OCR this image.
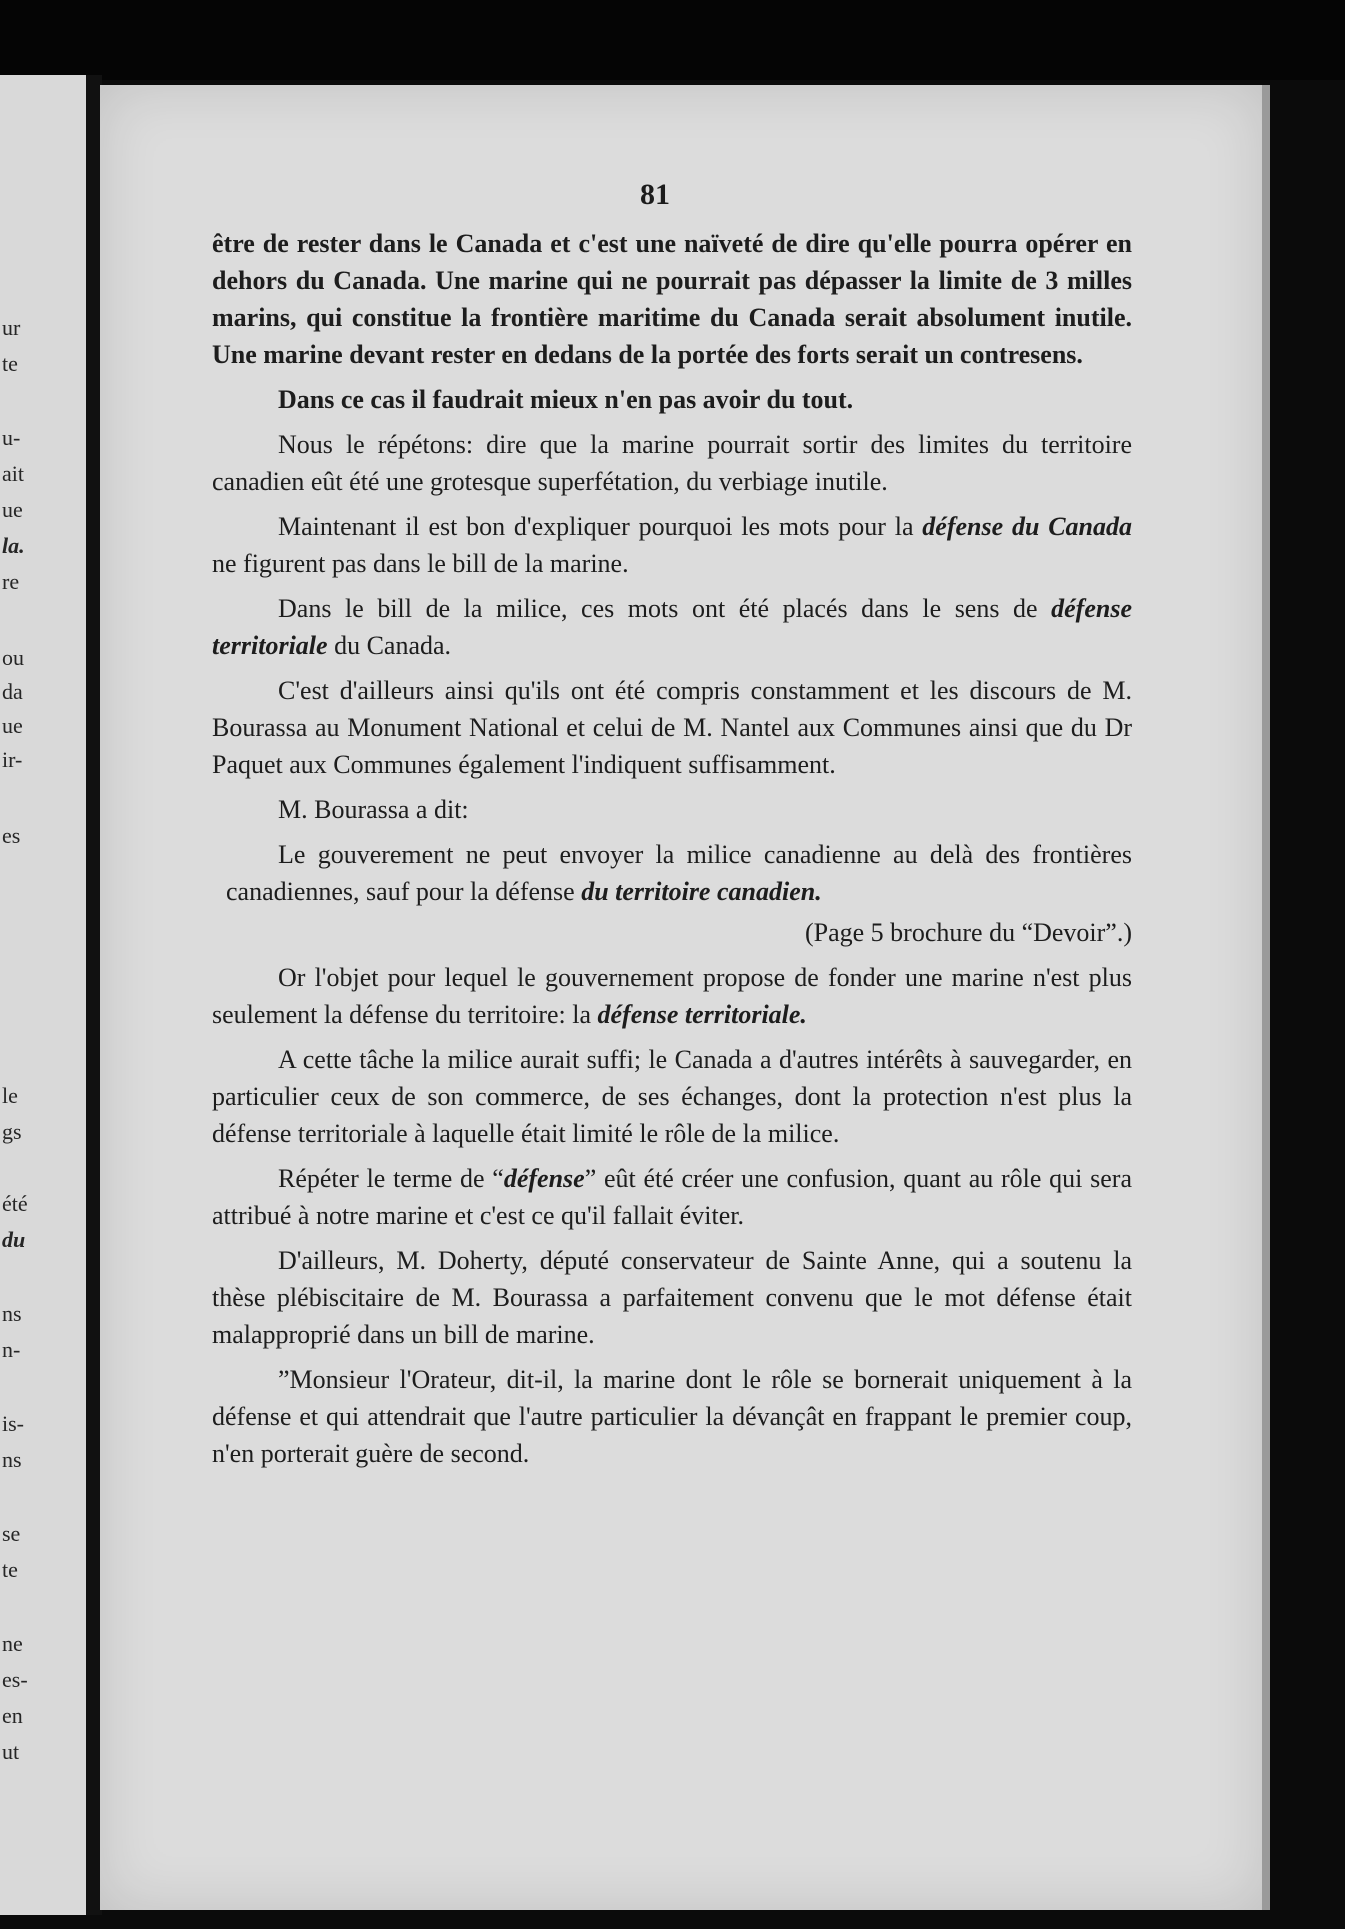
ur
te
u-
ait
ue
la.
re
ou
da
ue
ir-
es
le
gs
été
du
ns
n-
is-
ns
se
te
ne
es-
en
ut
81

être de rester dans le Canada et c'est une naïveté de dire qu'elle pourra opérer en dehors du Canada. Une marine qui ne pourrait pas dépasser la limite de 3 milles marins, qui constitue la frontière maritime du Canada serait absolument inutile. Une marine devant rester en dedans de la portée des forts serait un contresens.

Dans ce cas il faudrait mieux n'en pas avoir du tout.

Nous le répétons: dire que la marine pourrait sortir des limites du territoire canadien eût été une grotesque superfétation, du verbiage inutile.

Maintenant il est bon d'expliquer pourquoi les mots pour la défense du Canada ne figurent pas dans le bill de la marine.

Dans le bill de la milice, ces mots ont été placés dans le sens de défense territoriale du Canada.

C'est d'ailleurs ainsi qu'ils ont été compris constamment et les discours de M. Bourassa au Monument National et celui de M. Nantel aux Communes ainsi que du Dr Paquet aux Communes également l'indiquent suffisamment.

M. Bourassa a dit:

Le gouverement ne peut envoyer la milice canadienne au delà des frontières canadiennes, sauf pour la défense du territoire canadien.

(Page 5 brochure du “Devoir”.)

Or l'objet pour lequel le gouvernement propose de fonder une marine n'est plus seulement la défense du territoire: la défense territoriale.

A cette tâche la milice aurait suffi; le Canada a d'autres intérêts à sauvegarder, en particulier ceux de son commerce, de ses échanges, dont la protection n'est plus la défense territoriale à laquelle était limité le rôle de la milice.

Répéter le terme de “défense” eût été créer une confusion, quant au rôle qui sera attribué à notre marine et c'est ce qu'il fallait éviter.

D'ailleurs, M. Doherty, député conservateur de Sainte Anne, qui a soutenu la thèse plébiscitaire de M. Bourassa a parfaitement convenu que le mot défense était malapproprié dans un bill de marine.

”Monsieur l'Orateur, dit-il, la marine dont le rôle se bornerait uniquement à la défense et qui attendrait que l'autre particulier la dévançât en frappant le premier coup, n'en porterait guère de second.
